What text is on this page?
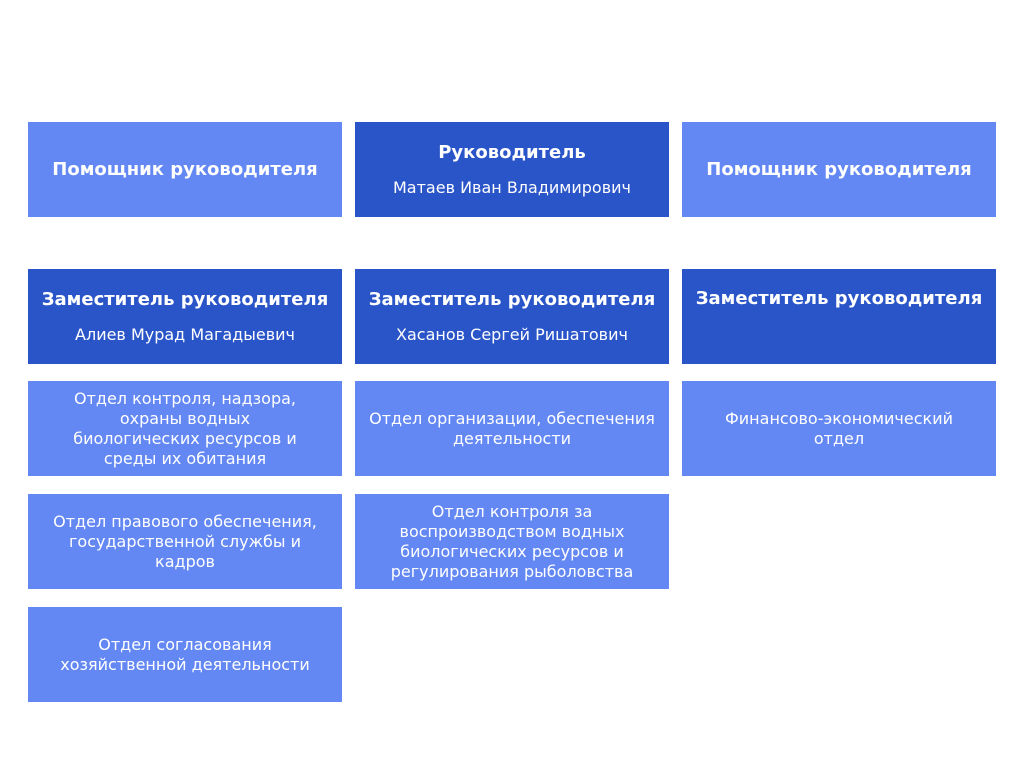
Помощник руководителя
Руководитель
Матаев Иван Владимирович
Помощник руководителя
Заместитель руководителя
Алиев Мурад Магадыевич
Заместитель руководителя
Хасанов Сергей Ришатович
Заместитель руководителя
Отдел контроля, надзора, охраны водных биологических ресурсов и среды их обитания
Отдел правового обеспечения, государственной службы и кадров
Отдел согласования хозяйственной деятельности
Отдел организации, обеспечения деятельности
Отдел контроля за воспроизводством водных биологических ресурсов и регулирования рыболовства
Финансово-экономический отдел
